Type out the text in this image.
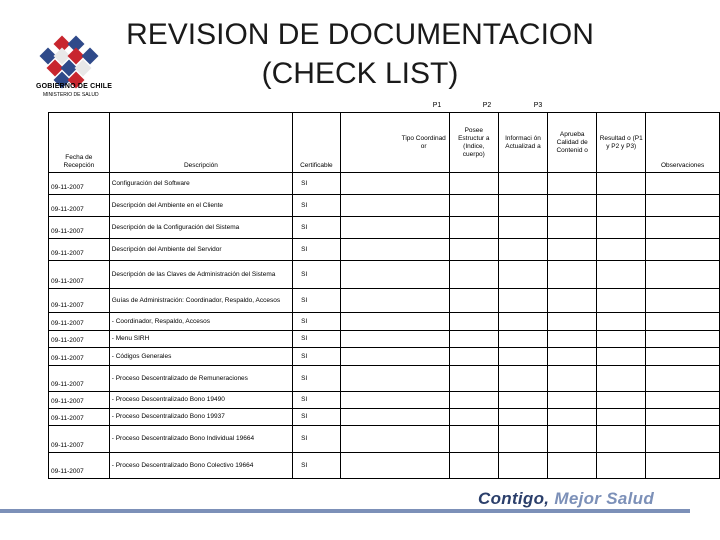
GOBIERNO DE CHILE
MINISTERIO DE SALUD
REVISION DE DOCUMENTACION
(CHECK LIST)
P1	P2	P3
Fecha de Recepción	Descripción	Certificable	Tipo Coordinad or	Posee Estructur a (Indice, cuerpo)	Informaci ón Actualizad a	Aprueba Calidad de Contenid o	Resultad o (P1 y P2 y P3)	Observaciones
09-11-2007	Configuración del Software	SI						
09-11-2007	Descripción del Ambiente en el Cliente	SI						
09-11-2007	Descripción de la Configuración del Sistema	SI						
09-11-2007	Descripción del Ambiente del Servidor	SI						
09-11-2007	Descripción de las Claves de Administración del Sistema	SI						
09-11-2007	Guías de Administración: Coordinador, Respaldo, Accesos	SI						
09-11-2007	- Coordinador, Respaldo, Accesos	SI						
09-11-2007	- Menu SIRH	SI						
09-11-2007	- Códigos Generales	SI						
09-11-2007	- Proceso Descentralizado de Remuneraciones	SI						
09-11-2007	- Proceso Descentralizado Bono 19490	SI						
09-11-2007	- Proceso Descentralizado Bono 19937	SI						
09-11-2007	- Proceso Descentralizado Bono Individual 19664	SI						
09-11-2007	- Proceso Descentralizado Bono Colectivo 19664	SI						
Contigo, Mejor Salud
